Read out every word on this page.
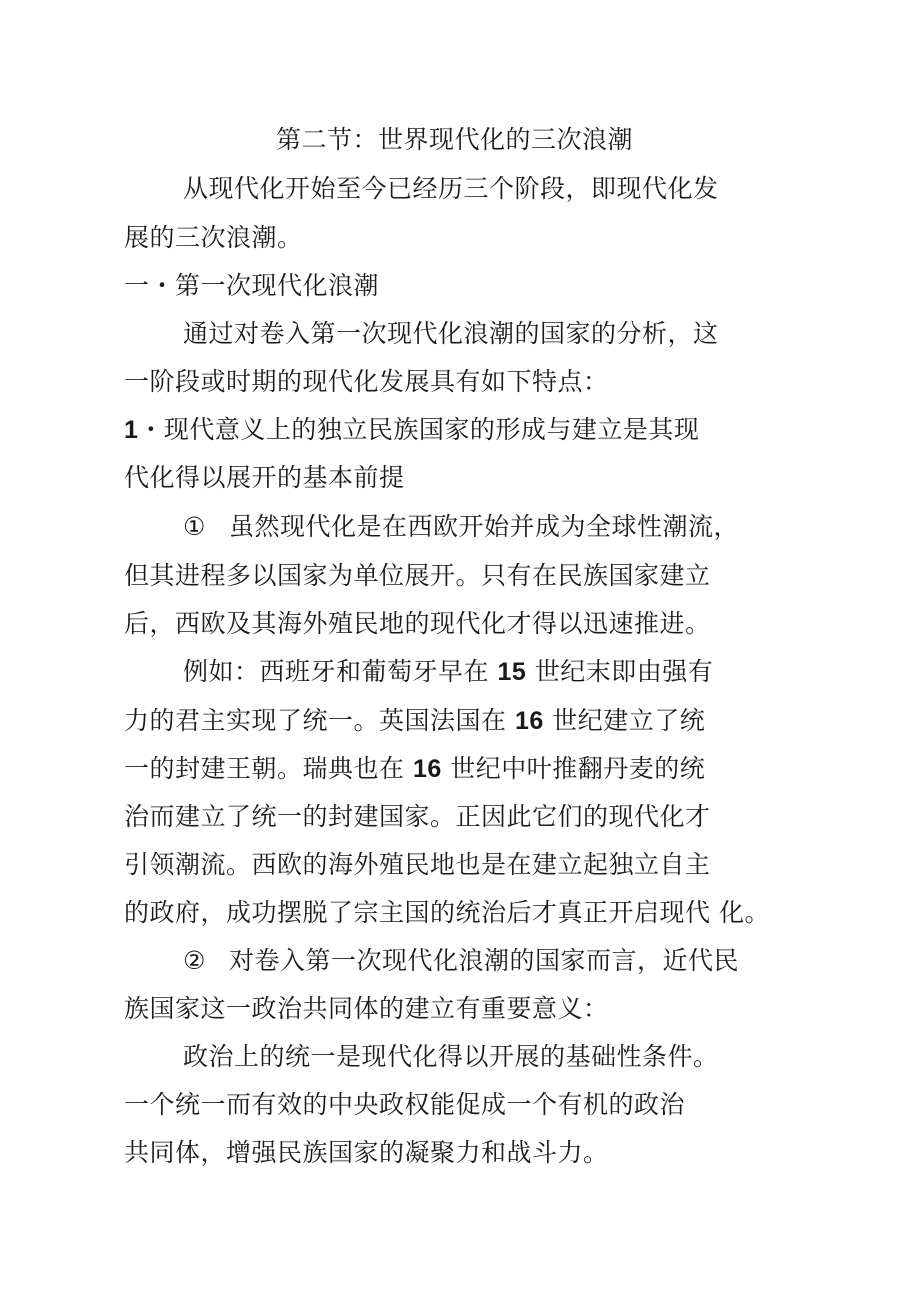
第二节：世界现代化的三次浪潮
从现代化开始至今已经历三个阶段，即现代化发
展的三次浪潮。
一・第一次现代化浪潮
通过对卷入第一次现代化浪潮的国家的分析，这
一阶段或时期的现代化发展具有如下特点：
1・现代意义上的独立民族国家的形成与建立是其现
代化得以展开的基本前提
① 虽然现代化是在西欧开始并成为全球性潮流，
但其进程多以国家为单位展开。只有在民族国家建立
后，西欧及其海外殖民地的现代化才得以迅速推进。
例如：西班牙和葡萄牙早在 15 世纪末即由强有
力的君主实现了统一。英国法国在 16 世纪建立了统
一的封建王朝。瑞典也在 16 世纪中叶推翻丹麦的统
治而建立了统一的封建国家。正因此它们的现代化才
引领潮流。西欧的海外殖民地也是在建立起独立自主
的政府，成功摆脱了宗主国的统治后才真正开启现代 化。
② 对卷入第一次现代化浪潮的国家而言，近代民
族国家这一政治共同体的建立有重要意义：
政治上的统一是现代化得以开展的基础性条件。
一个统一而有效的中央政权能促成一个有机的政治
共同体，增强民族国家的凝聚力和战斗力。
